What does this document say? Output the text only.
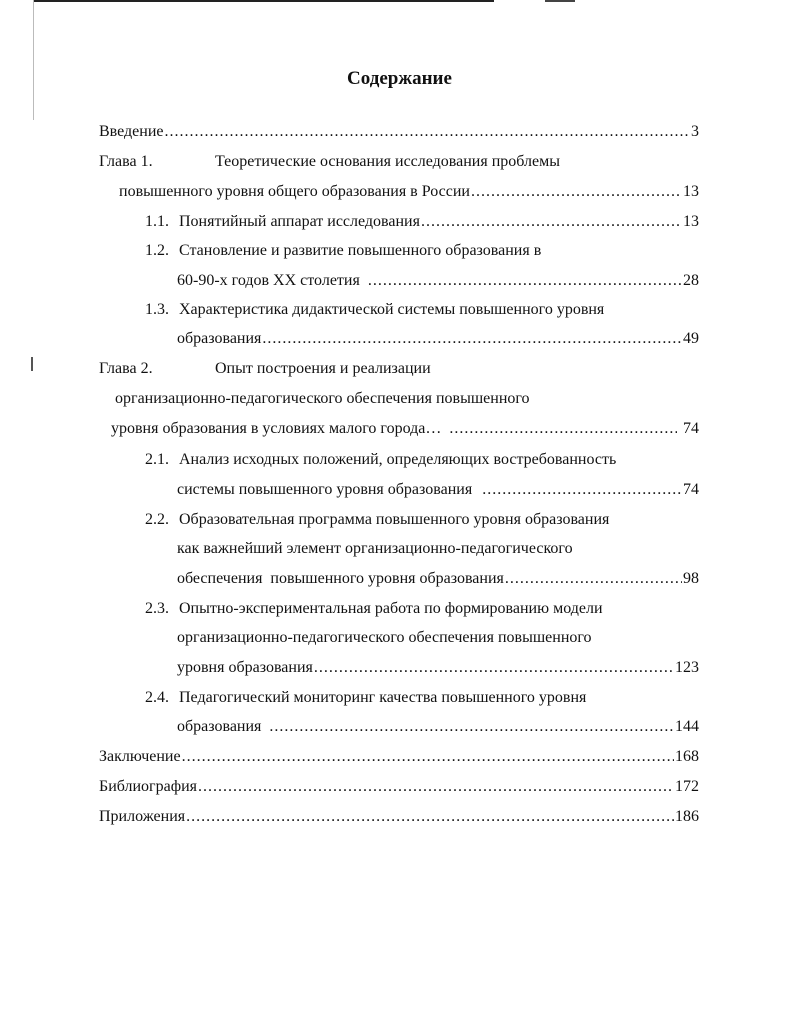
Содержание
Введение .....	3
Глава 1.	Теоретические основания исследования проблемы
повышенного уровня общего образования в России .....	13
1.1. Понятийный аппарат исследования .....	13
1.2. Становление и развитие повышенного образования в
60-90-х годов XX столетия .....	28
1.3. Характеристика дидактической системы повышенного уровня
образования .....	49
Глава 2.	Опыт построения и реализации
организационно-педагогического обеспечения повышенного
уровня образования в условиях малого города… .....	74
2.1. Анализ исходных положений, определяющих востребованность
системы повышенного уровня образования .....	74
2.2. Образовательная программа повышенного уровня образования
как важнейший элемент организационно-педагогического
обеспечения  повышенного уровня образования .....	98
2.3. Опытно-экспериментальная работа по формированию модели
организационно-педагогического обеспечения повышенного
уровня образования .....	123
2.4. Педагогический мониторинг качества повышенного уровня
образования .....	144
Заключение .....	168
Библиография .....	172
Приложения .....	186
